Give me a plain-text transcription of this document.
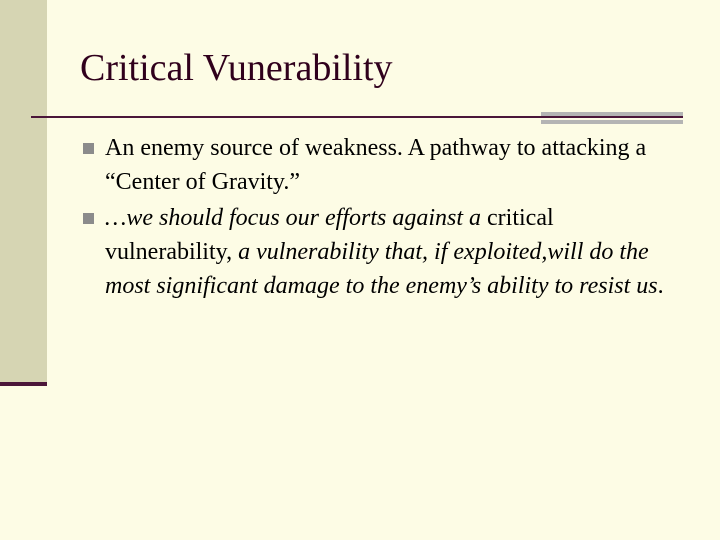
Critical Vunerability
An enemy source of weakness. A pathway to attacking a “Center of Gravity.”
…we should focus our efforts against a critical vulnerability, a vulnerability that, if exploited,will do the most significant damage to the enemy’s ability to resist us.
